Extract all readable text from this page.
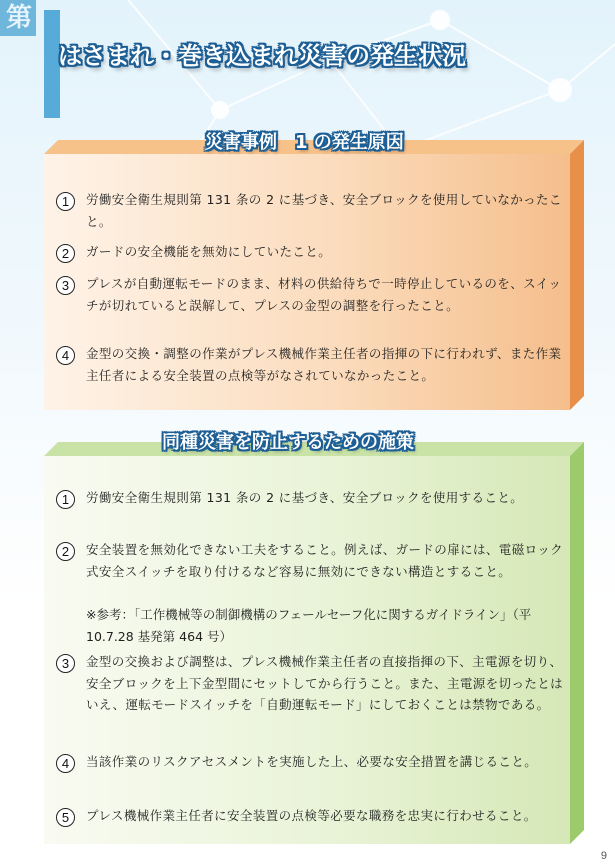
第
はさまれ・巻き込まれ災害の発生状況
1	労働安全衛生規則第 131 条の 2 に基づき、安全ブロックを使用していなかったこと。

2	ガードの安全機能を無効にしていたこと。

3	プレスが自動運転モードのまま、材料の供給待ちで一時停止しているのを、スイッチが切れていると誤解して、プレスの金型の調整を行ったこと。

4	金型の交換・調整の作業がプレス機械作業主任者の指揮の下に行われず、また作業主任者による安全装置の点検等がなされていなかったこと。

災害事例　1 の発生原因
1	労働安全衛生規則第 131 条の 2 に基づき、安全ブロックを使用すること。

2	安全装置を無効化できない工夫をすること。例えば、ガードの扉には、電磁ロック式安全スイッチを取り付けるなど容易に無効にできない構造とすること。

※参考：「工作機械等の制御機構のフェールセーフ化に関するガイドライン」（平 10.7.28 基発第 464 号）

3	金型の交換および調整は、プレス機械作業主任者の直接指揮の下、主電源を切り、安全ブロックを上下金型間にセットしてから行うこと。また、主電源を切ったとはいえ、運転モードスイッチを「自動運転モード」にしておくことは禁物である。

4	当該作業のリスクアセスメントを実施した上、必要な安全措置を講じること。

5	プレス機械作業主任者に安全装置の点検等必要な職務を忠実に行わせること。

同種災害を防止するための施策
9
